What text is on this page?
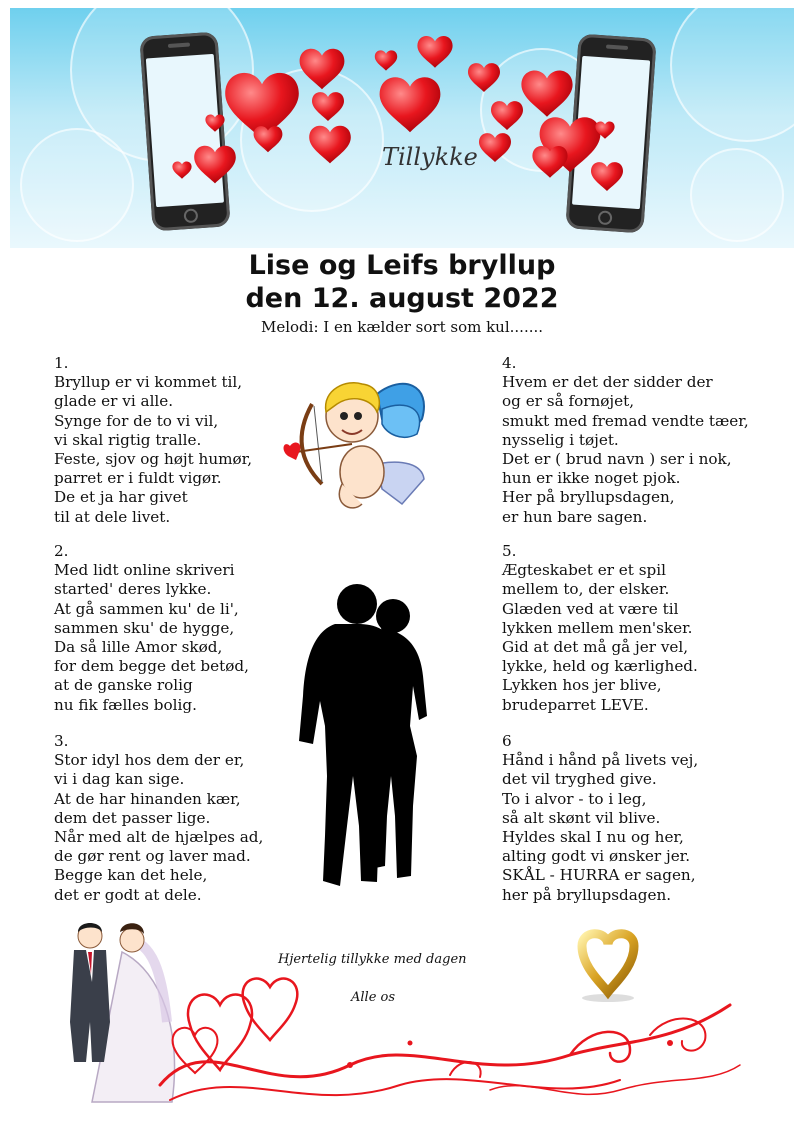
Tillykke
Lise og Leifs bryllup
den 12. august 2022
Melodi: I en kælder sort som kul.......
1.
Bryllup er vi kommet til,
glade er vi alle.
Synge for de to vi vil,
vi skal rigtig tralle.
Feste, sjov og højt humør,
parret er i fuldt vigør.
De et ja har givet
til at dele livet.
2.
Med lidt online skriveri
started' deres lykke.
At gå sammen ku' de li',
sammen sku' de hygge,
Da så lille Amor skød,
for dem begge det betød,
at de ganske rolig
nu fik fælles bolig.
3.
Stor idyl hos dem der er,
vi i dag kan sige.
At de har hinanden kær,
dem det passer lige.
Når med alt de hjælpes ad,
de gør rent og laver mad.
Begge kan det hele,
det er godt at dele.
4.
Hvem er det der sidder der
og er så fornøjet,
smukt med fremad vendte tæer,
nysselig i tøjet.
Det er ( brud navn ) ser i nok,
hun er ikke noget pjok.
Her på bryllupsdagen,
er hun bare sagen.
5.
Ægteskabet er et spil
mellem to, der elsker.
Glæden ved at være til
lykken mellem men'sker.
Gid at det må gå jer vel,
lykke, held og kærlighed.
Lykken hos jer blive,
brudeparret LEVE.
6
Hånd i hånd på livets vej,
det vil tryghed give.
To i alvor - to i leg,
så alt skønt vil blive.
Hyldes skal I nu og her,
alting godt vi ønsker jer.
SKÅL - HURRA er sagen,
her på bryllupsdagen.
Hjertelig tillykke med dagen
Alle os
